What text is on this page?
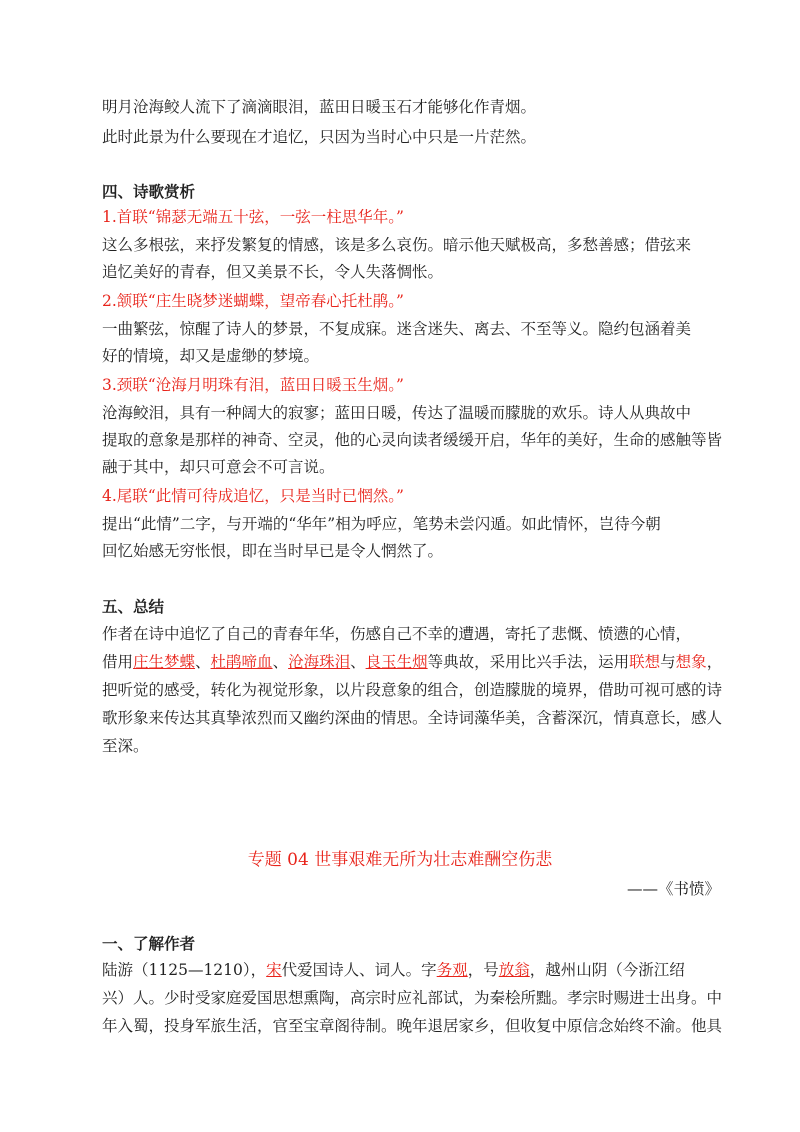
明月沧海鲛人流下了滴滴眼泪，蓝田日暖玉石才能够化作青烟。
此时此景为什么要现在才追忆，只因为当时心中只是一片茫然。
四、诗歌赏析
1.首联“锦瑟无端五十弦，一弦一柱思华年。”
这么多根弦，来抒发繁复的情感，该是多么哀伤。暗示他天赋极高，多愁善感；借弦来
追忆美好的青春，但又美景不长，令人失落惆怅。
2.颔联“庄生晓梦迷蝴蝶，望帝春心托杜鹃。”
一曲繁弦，惊醒了诗人的梦景，不复成寐。迷含迷失、离去、不至等义。隐约包涵着美
好的情境，却又是虚缈的梦境。
3.颈联“沧海月明珠有泪，蓝田日暖玉生烟。”
沧海鲛泪，具有一种阔大的寂寥；蓝田日暖，传达了温暖而朦胧的欢乐。诗人从典故中
提取的意象是那样的神奇、空灵，他的心灵向读者缓缓开启，华年的美好，生命的感触等皆
融于其中，却只可意会不可言说。
4.尾联“此情可待成追忆，只是当时已惘然。”
提出“此情”二字，与开端的“华年”相为呼应，笔势未尝闪遁。如此情怀，岂待今朝
回忆始感无穷怅恨，即在当时早已是令人惘然了。
五、总结
作者在诗中追忆了自己的青春年华，伤感自己不幸的遭遇，寄托了悲慨、愤懑的心情，
借用庄生梦蝶、杜鹃啼血、沧海珠泪、良玉生烟等典故，采用比兴手法，运用联想与想象，
把听觉的感受，转化为视觉形象，以片段意象的组合，创造朦胧的境界，借助可视可感的诗
歌形象来传达其真挚浓烈而又幽约深曲的情思。全诗词藻华美，含蓄深沉，情真意长，感人
至深。
专题 04 世事艰难无所为壮志难酬空伤悲
——《书愤》
一、了解作者
陆游（1125—1210），宋代爱国诗人、词人。字务观，号放翁，越州山阴（今浙江绍
兴）人。少时受家庭爱国思想熏陶，高宗时应礼部试，为秦桧所黜。孝宗时赐进士出身。中
年入蜀，投身军旅生活，官至宝章阁待制。晚年退居家乡，但收复中原信念始终不渝。他具
